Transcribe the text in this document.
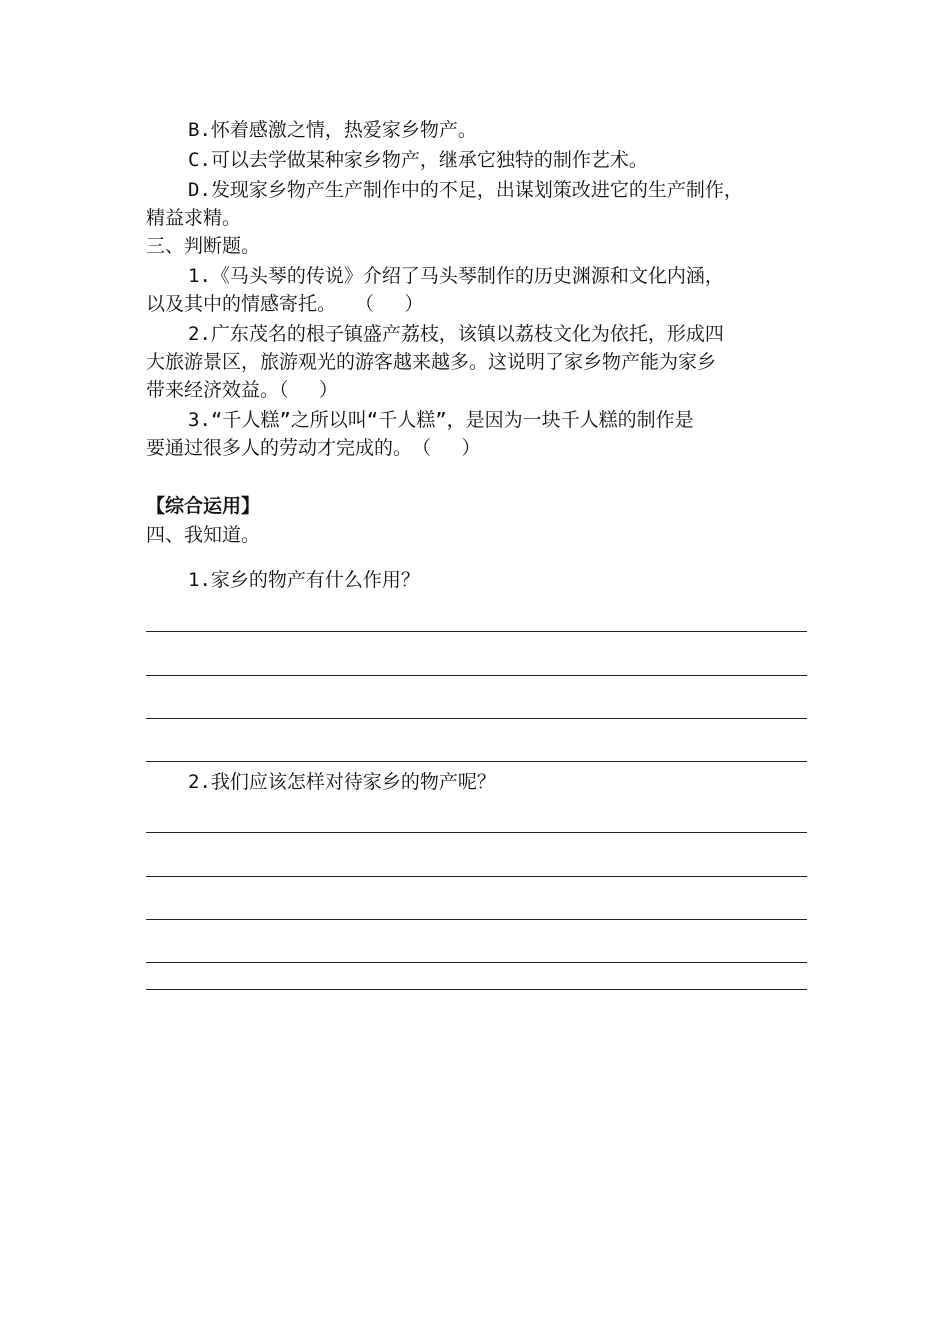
B.怀着感激之情，热爱家乡物产。
C.可以去学做某种家乡物产，继承它独特的制作艺术。
D.发现家乡物产生产制作中的不足，出谋划策改进它的生产制作，
精益求精。
三、判断题。
1.《马头琴的传说》介绍了马头琴制作的历史渊源和文化内涵，
以及其中的情感寄托。　　（　 ）
2.广东茂名的根子镇盛产荔枝，该镇以荔枝文化为依托，形成四
大旅游景区，旅游观光的游客越来越多。这说明了家乡物产能为家乡
带来经济效益。（　 ）
3.“千人糕”之所以叫“千人糕”，是因为一块千人糕的制作是
要通过很多人的劳动才完成的。　（　 ）
【综合运用】
四、我知道。
1.家乡的物产有什么作用？
2.我们应该怎样对待家乡的物产呢？
